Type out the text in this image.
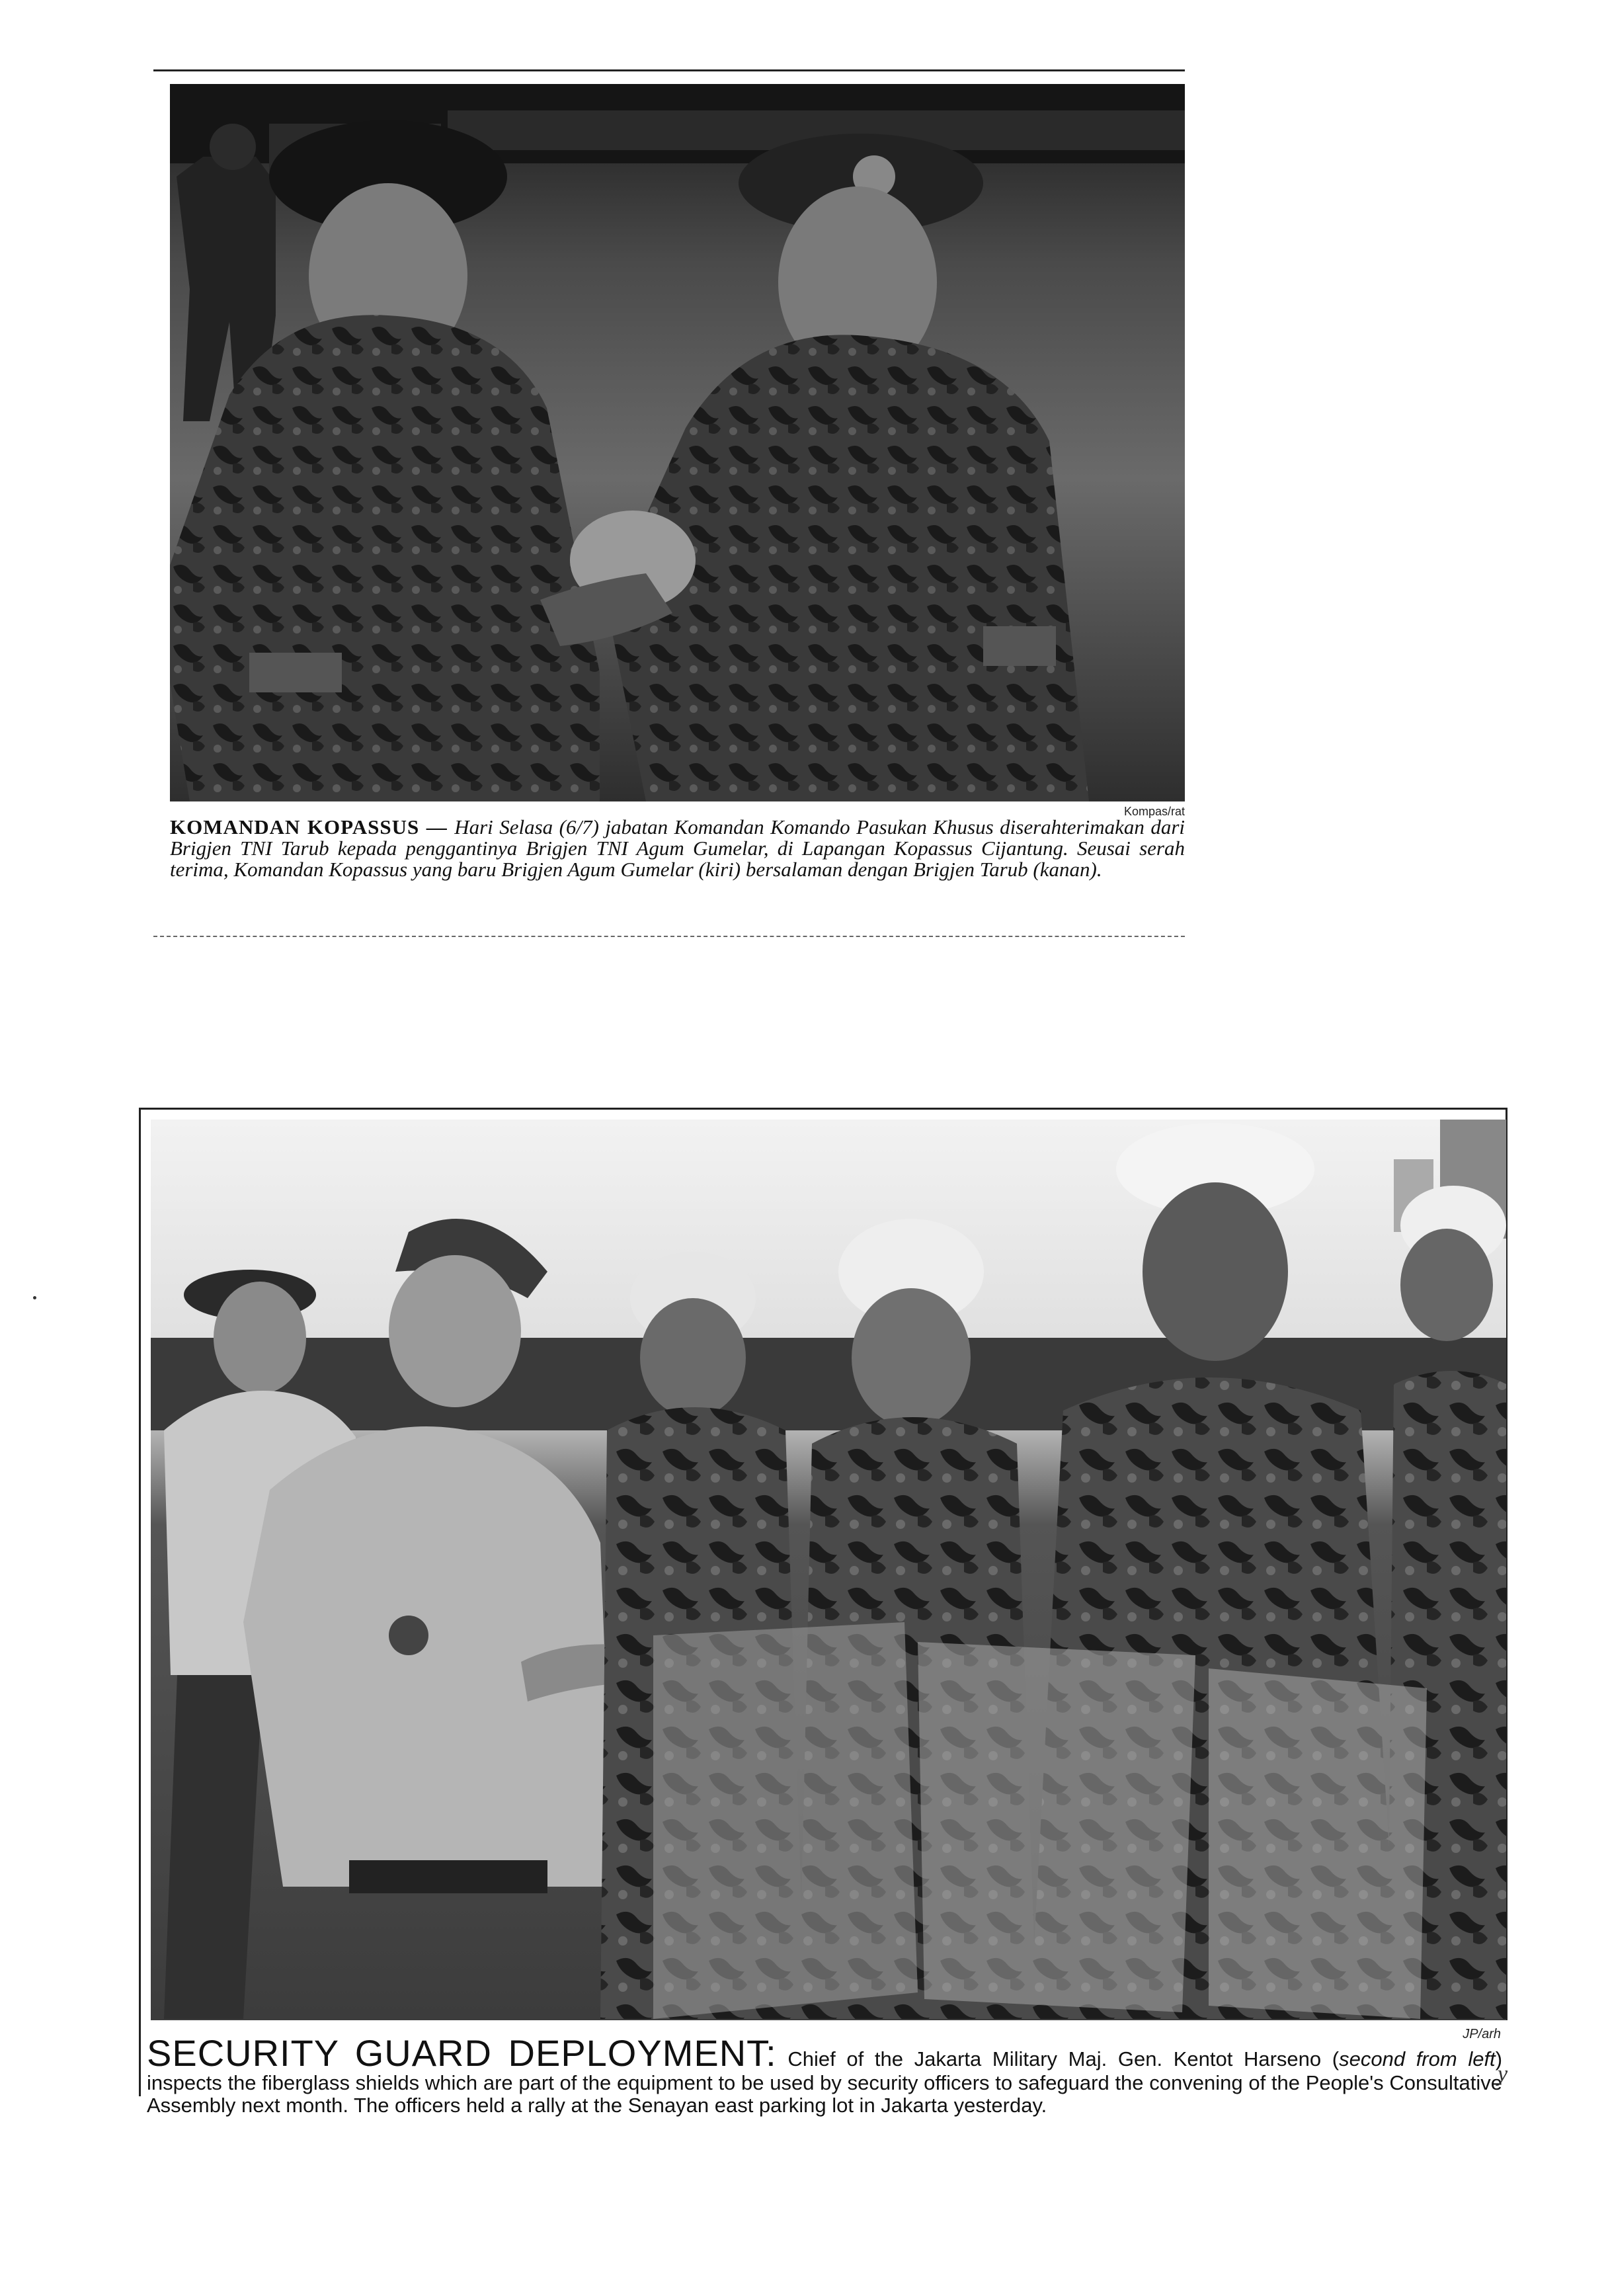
Kompas/rat
KOMANDAN KOPASSUS — Hari Selasa (6/7) jabatan Komandan Komando Pasukan Khusus diserahterimakan dari Brigjen TNI Tarub kepada penggantinya Brigjen TNI Agum Gumelar, di Lapangan Kopassus Cijantung. Seusai serah terima, Komandan Kopassus yang baru Brigjen Agum Gumelar (kiri) bersalaman dengan Brigjen Tarub (kanan).
JP/arh
SECURITY GUARD DEPLOYMENT: Chief of the Jakarta Military Maj. Gen. Kentot Harseno (second from left) inspects the fiberglass shields which are part of the equipment to be used by security officers to safeguard the convening of the People's Consultative Assembly next month. The officers held a rally at the Senayan east parking lot in Jakarta yesterday.
y
